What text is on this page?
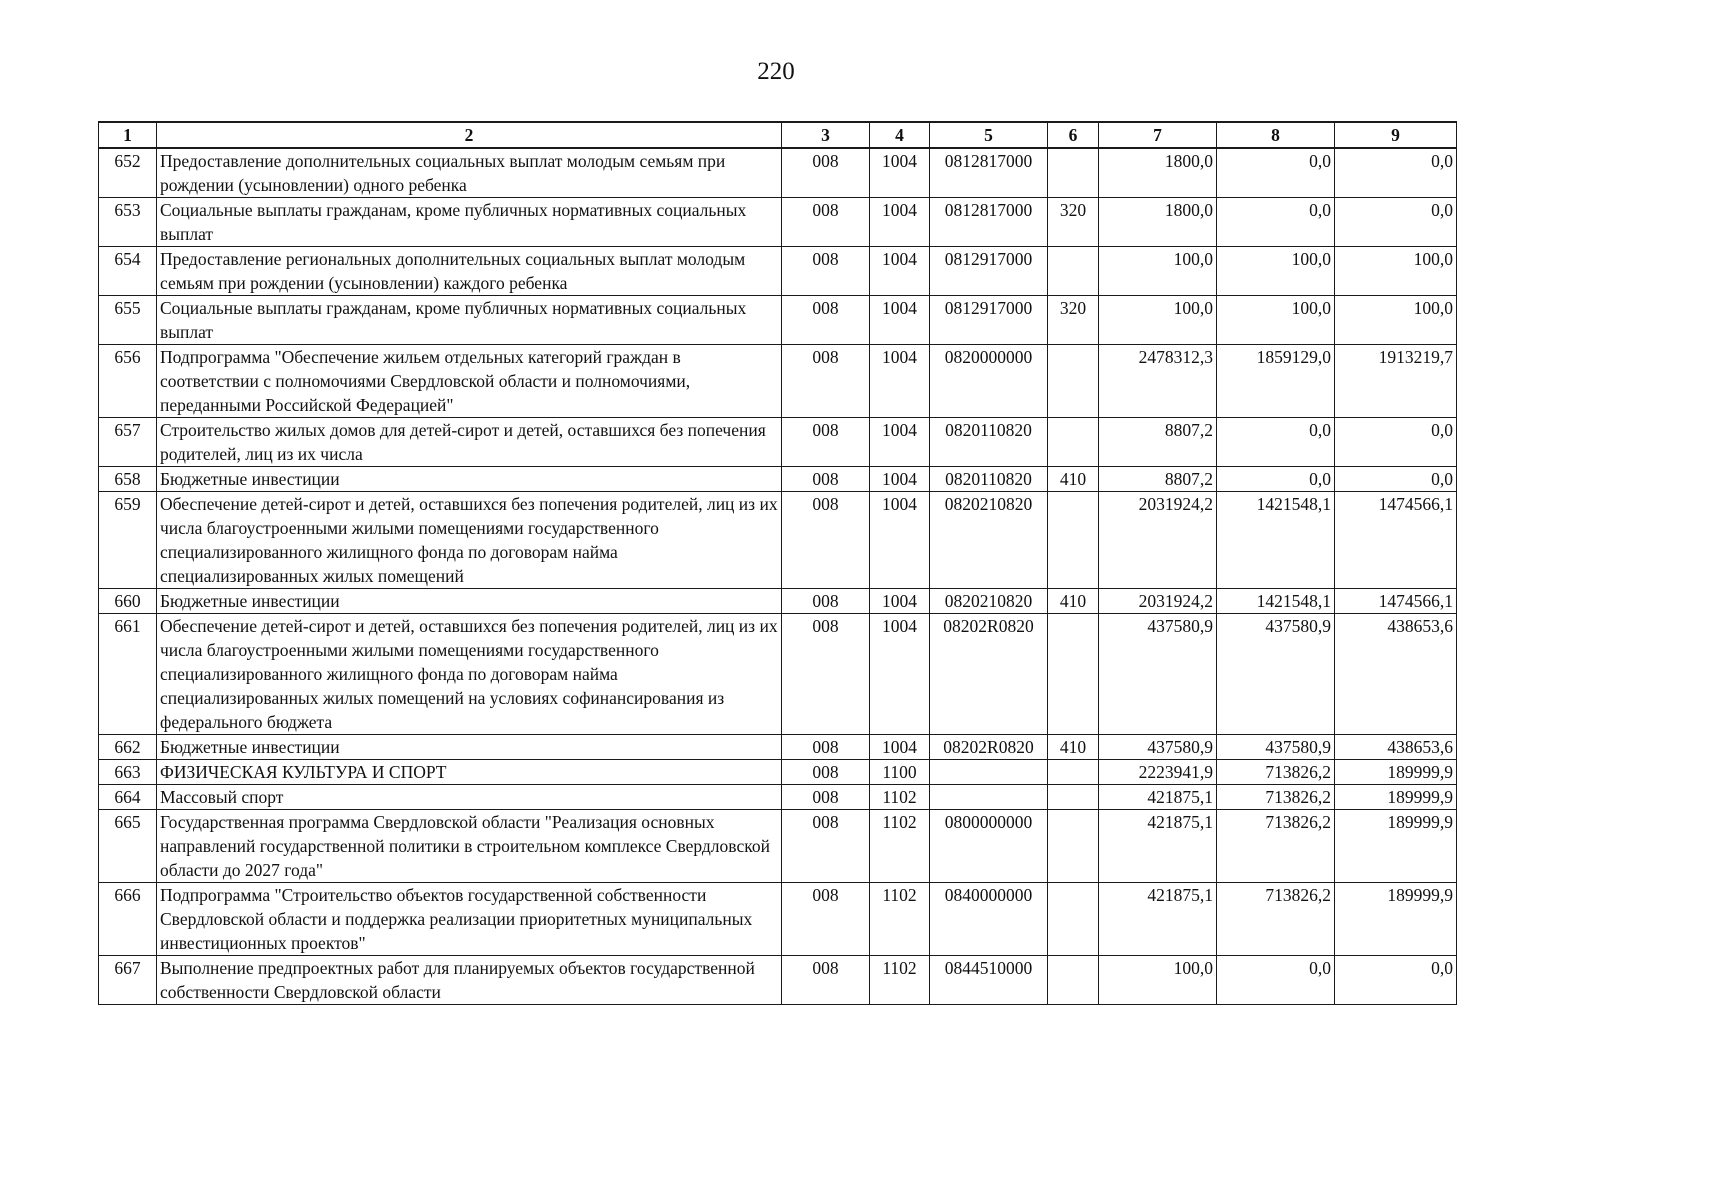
220
1	2	3	4	5	6	7	8	9
652	Предоставление дополнительных социальных выплат молодым семьям при рождении (усыновлении) одного ребенка	008	1004	0812817000		1800,0	0,0	0,0
653	Социальные выплаты гражданам, кроме публичных нормативных социальных выплат	008	1004	0812817000	320	1800,0	0,0	0,0
654	Предоставление региональных дополнительных социальных выплат молодым семьям при рождении (усыновлении) каждого ребенка	008	1004	0812917000		100,0	100,0	100,0
655	Социальные выплаты гражданам, кроме публичных нормативных социальных выплат	008	1004	0812917000	320	100,0	100,0	100,0
656	Подпрограмма "Обеспечение жильем отдельных категорий граждан в соответствии с полномочиями Свердловской области и полномочиями, переданными Российской Федерацией"	008	1004	0820000000		2478312,3	1859129,0	1913219,7
657	Строительство жилых домов для детей-сирот и детей, оставшихся без попечения родителей, лиц из их числа	008	1004	0820110820		8807,2	0,0	0,0
658	Бюджетные инвестиции	008	1004	0820110820	410	8807,2	0,0	0,0
659	Обеспечение детей-сирот и детей, оставшихся без попечения родителей, лиц из их числа благоустроенными жилыми помещениями государственного специализированного жилищного фонда по договорам найма специализированных жилых помещений	008	1004	0820210820		2031924,2	1421548,1	1474566,1
660	Бюджетные инвестиции	008	1004	0820210820	410	2031924,2	1421548,1	1474566,1
661	Обеспечение детей-сирот и детей, оставшихся без попечения родителей, лиц из их числа благоустроенными жилыми помещениями государственного специализированного жилищного фонда по договорам найма специализированных жилых помещений на условиях софинансирования из федерального бюджета	008	1004	08202R0820		437580,9	437580,9	438653,6
662	Бюджетные инвестиции	008	1004	08202R0820	410	437580,9	437580,9	438653,6
663	ФИЗИЧЕСКАЯ КУЛЬТУРА И СПОРТ	008	1100			2223941,9	713826,2	189999,9
664	Массовый спорт	008	1102			421875,1	713826,2	189999,9
665	Государственная программа Свердловской области "Реализация основных направлений государственной политики в строительном комплексе Свердловской области до 2027 года"	008	1102	0800000000		421875,1	713826,2	189999,9
666	Подпрограмма "Строительство объектов государственной собственности Свердловской области и поддержка реализации приоритетных муниципальных инвестиционных проектов"	008	1102	0840000000		421875,1	713826,2	189999,9
667	Выполнение предпроектных работ для планируемых объектов государственной собственности Свердловской области	008	1102	0844510000		100,0	0,0	0,0
